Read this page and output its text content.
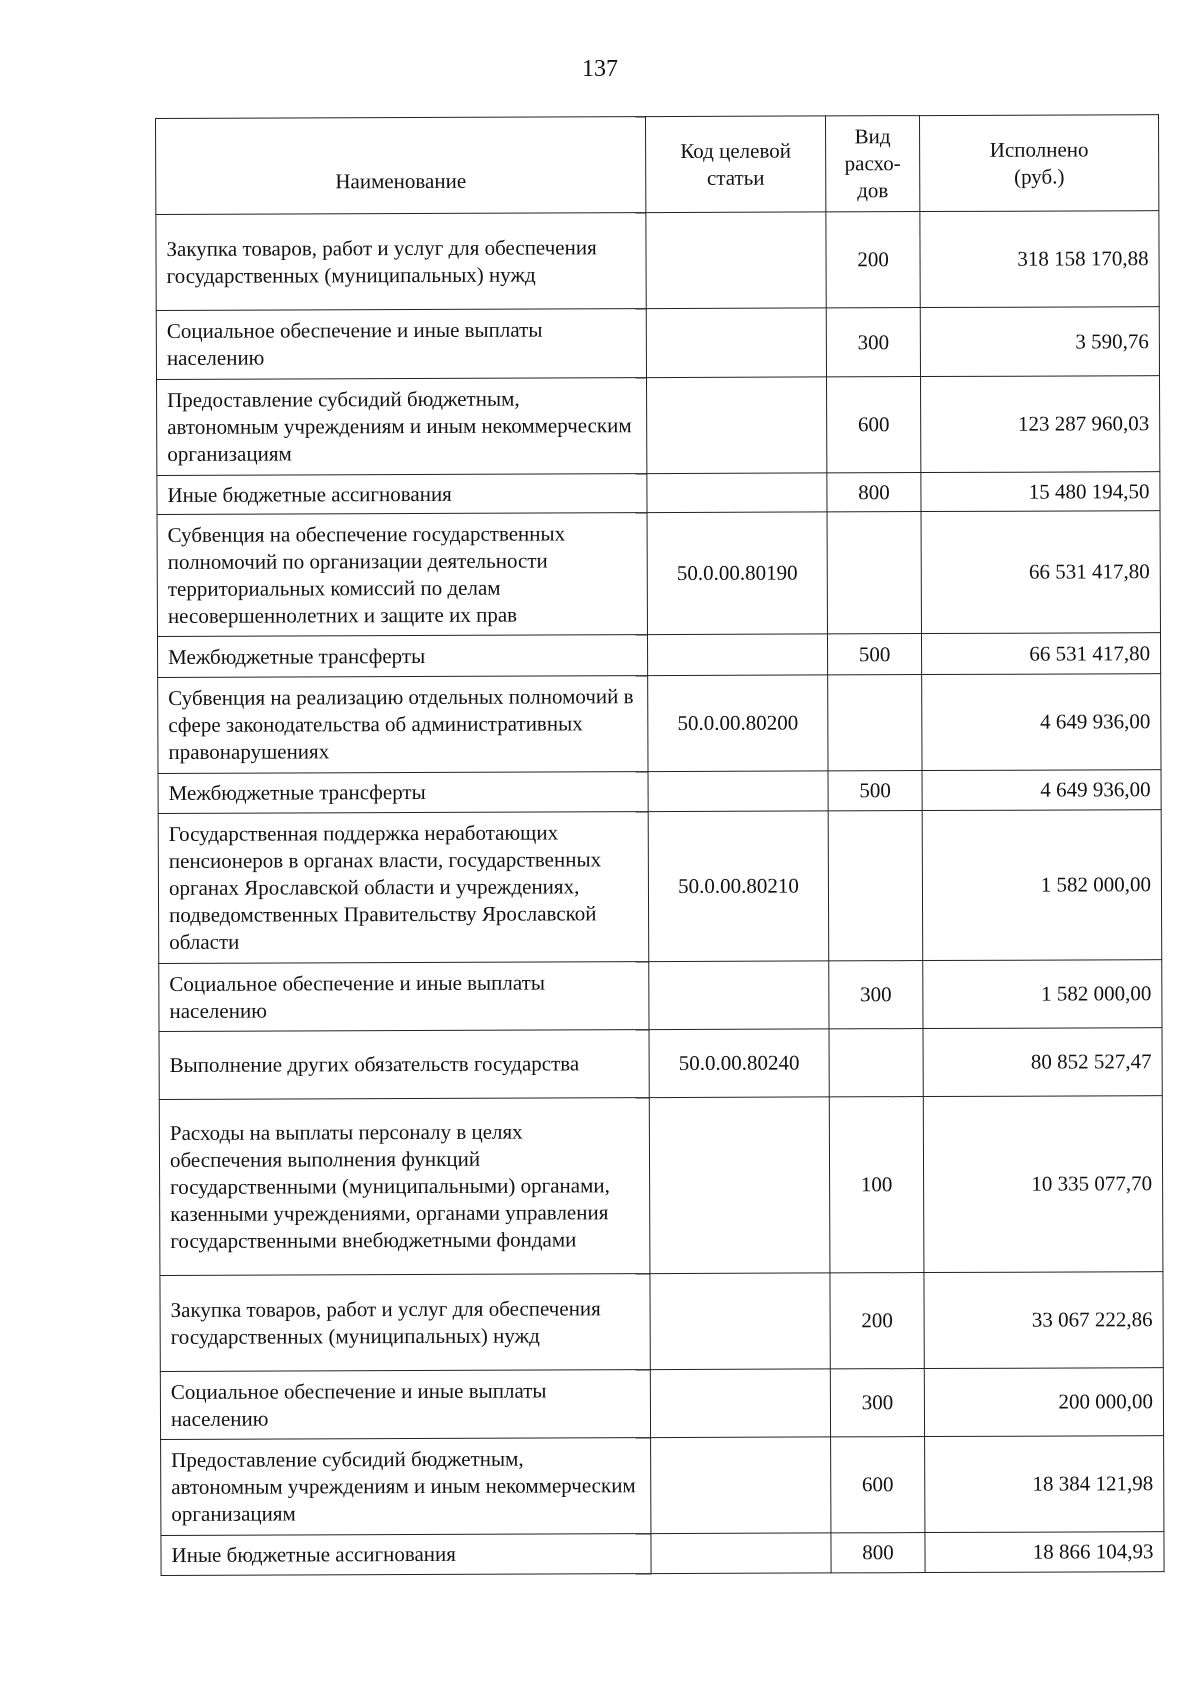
137
Наименование	Код целевой статьи	Вид расхо-дов	Исполнено (руб.)
Закупка товаров, работ и услуг для обеспечения государственных (муниципальных) нужд		200	318 158 170,88
Социальное обеспечение и иные выплаты населению		300	3 590,76
Предоставление субсидий бюджетным, автономным учреждениям и иным некоммерческим организациям		600	123 287 960,03
Иные бюджетные ассигнования		800	15 480 194,50
Субвенция на обеспечение государственных полномочий по организации деятельности территориальных комиссий по делам несовершеннолетних и защите их прав	50.0.00.80190		66 531 417,80
Межбюджетные трансферты		500	66 531 417,80
Субвенция на реализацию отдельных полномочий в сфере законодательства об административных правонарушениях	50.0.00.80200		4 649 936,00
Межбюджетные трансферты		500	4 649 936,00
Государственная поддержка неработающих пенсионеров в органах власти, государственных органах Ярославской области и учреждениях, подведомственных Правительству Ярославской области	50.0.00.80210		1 582 000,00
Социальное обеспечение и иные выплаты населению		300	1 582 000,00
Выполнение других обязательств государства	50.0.00.80240		80 852 527,47
Расходы на выплаты персоналу в целях обеспечения выполнения функций государственными (муниципальными) органами, казенными учреждениями, органами управления государственными внебюджетными фондами		100	10 335 077,70
Закупка товаров, работ и услуг для обеспечения государственных (муниципальных) нужд		200	33 067 222,86
Социальное обеспечение и иные выплаты населению		300	200 000,00
Предоставление субсидий бюджетным, автономным учреждениям и иным некоммерческим организациям		600	18 384 121,98
Иные бюджетные ассигнования		800	18 866 104,93
